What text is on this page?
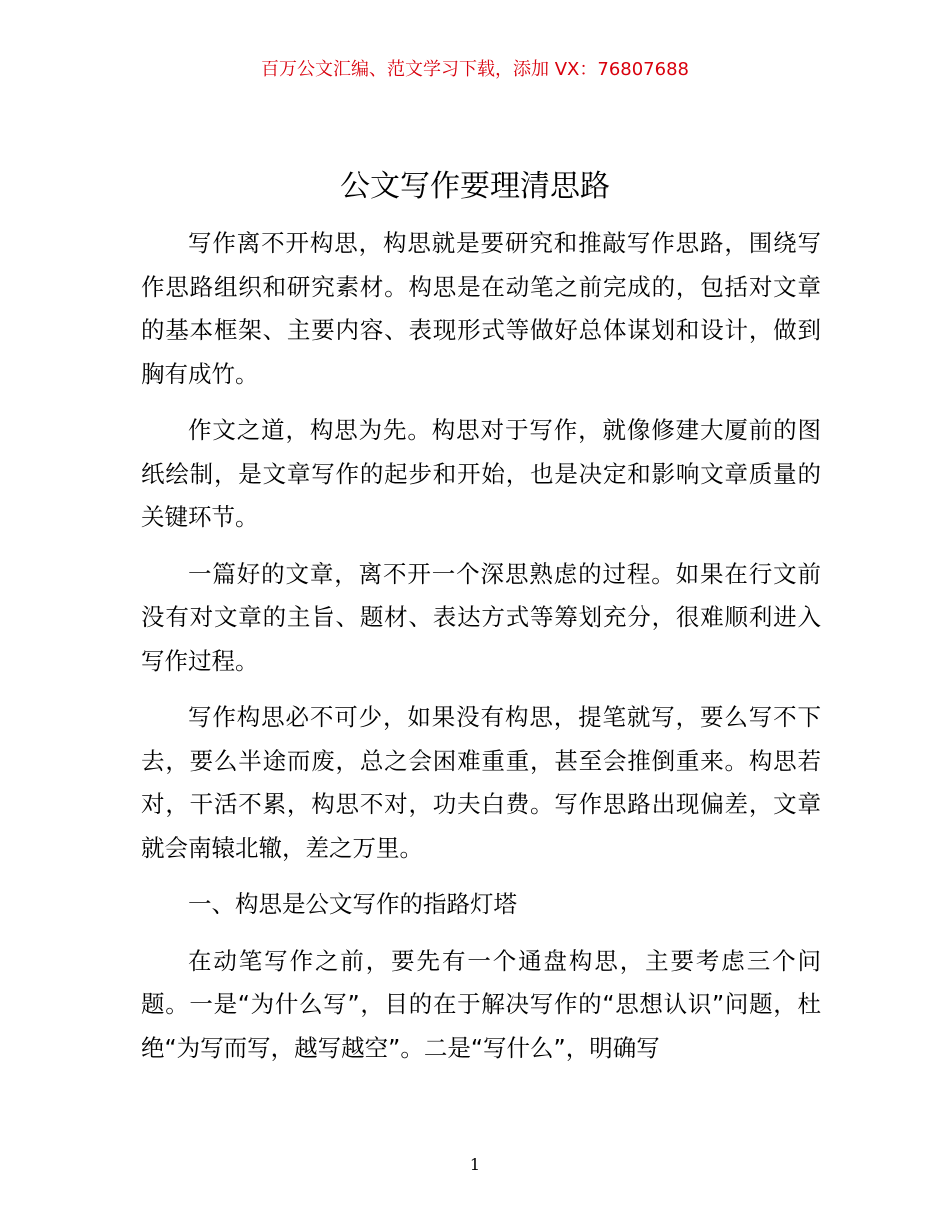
百万公文汇编、范文学习下载，添加 VX：76807688
公文写作要理清思路

写作离不开构思，构思就是要研究和推敲写作思路，围绕写作思路组织和研究素材。构思是在动笔之前完成的，包括对文章的基本框架、主要内容、表现形式等做好总体谋划和设计，做到胸有成竹。

作文之道，构思为先。构思对于写作，就像修建大厦前的图纸绘制，是文章写作的起步和开始，也是决定和影响文章质量的关键环节。

一篇好的文章，离不开一个深思熟虑的过程。如果在行文前没有对文章的主旨、题材、表达方式等筹划充分，很难顺利进入写作过程。

写作构思必不可少，如果没有构思，提笔就写，要么写不下去，要么半途而废，总之会困难重重，甚至会推倒重来。构思若对，干活不累，构思不对，功夫白费。写作思路出现偏差，文章就会南辕北辙，差之万里。

一、构思是公文写作的指路灯塔

在动笔写作之前，要先有一个通盘构思，主要考虑三个问题。一是“为什么写”，目的在于解决写作的“思想认识”问题，杜绝“为写而写，越写越空”。二是“写什么”，明确写

1
